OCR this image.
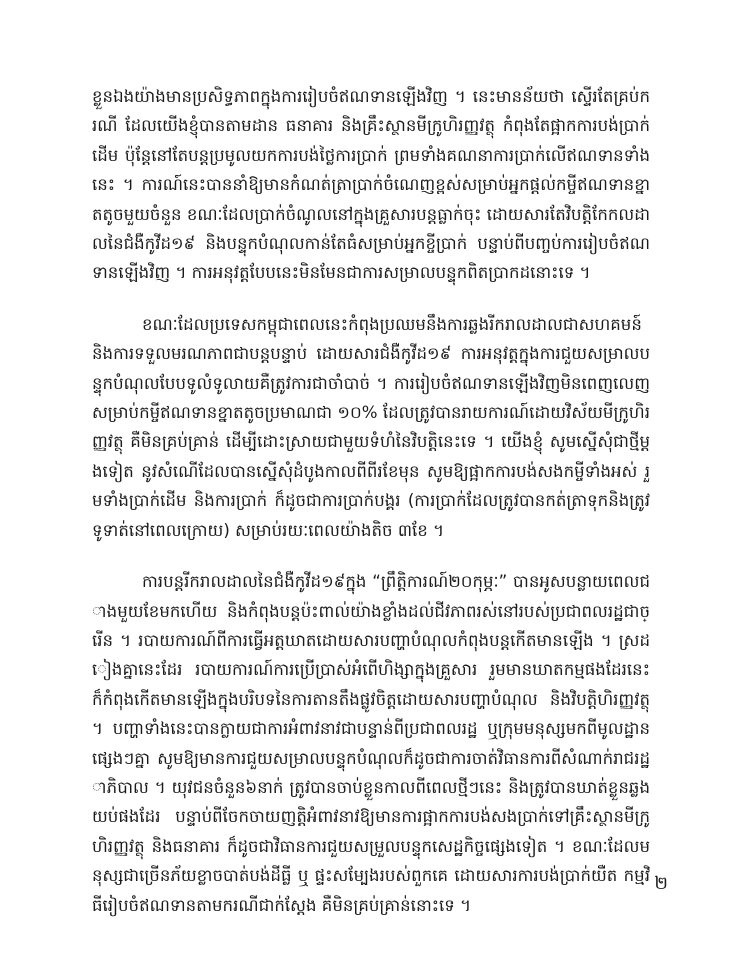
ខ្លួនឯងយ៉ាងមានប្រសិទ្ធភាពក្នុងការរៀបចំឥណទានឡើងវិញ ។ នេះមានន័យថា ស្ទើរតែគ្រប់ករណី ដែលយើងខ្ញុំបានតាមដាន ធនាគារ និងគ្រឹះស្ថានមីក្រូហិរញ្ញវត្ថុ កំពុងតែផ្អាកការបង់ប្រាក់ដើម ប៉ុន្តែនៅតែបន្តប្រមូលយកការបង់ថ្លៃការប្រាក់ ព្រមទាំងគណនាការប្រាក់លើឥណទានទាំងនេះ ។ ការណ៍នេះបាននាំឱ្យមានកំណត់ត្រាប្រាក់ចំណេញខ្ពស់សម្រាប់អ្នកផ្តល់កម្ចីឥណទានខ្នាតតូចមួយចំនួន ខណៈដែលប្រាក់ចំណូលនៅក្នុងគ្រួសារបន្តធ្លាក់ចុះ ដោយសារតែវិបត្តិកែកលដាលនៃជំងឺកូវីដ១៩ និងបន្ទុកបំណុលកាន់តែធំសម្រាប់អ្នកខ្ចីប្រាក់ បន្ទាប់ពីបញ្ចប់ការរៀបចំឥណទានឡើងវិញ ។ ការអនុវត្តបែបនេះមិនមែនជាការសម្រាលបន្ទុកពិតប្រាកដនោះទេ ។

ខណៈដែលប្រទេសកម្ពុជាពេលនេះកំពុងប្រឈមនឹងការឆ្លងរីករាលដាលជាសហគមន៍ និងការទទួលមរណភាពជាបន្តបន្ទាប់ ដោយសារជំងឺកូវីដ១៩ ការអនុវត្តក្នុងការជួយសម្រាលបន្ទុកបំណុលបែបទូលំទូលាយគឺត្រូវការជាចាំបាច់ ។ ការរៀបចំឥណទានឡើងវិញមិនពេញលេញសម្រាប់កម្ចីឥណទានខ្នាតតូចប្រមាណជា ១០% ដែលត្រូវបានរាយការណ៍ដោយវិស័យមីក្រូហិរញ្ញវត្ថុ គឺមិនគ្រប់គ្រាន់ ដើម្បីដោះស្រាយជាមួយទំហំនៃវិបត្តិនេះទេ ។ យើងខ្ញុំ សូមស្នើសុំជាថ្មីម្តងទៀត នូវសំណើដែលបានស្នើសុំដំបូងកាលពីពីរខែមុន សូមឱ្យផ្អាកការបង់សងកម្ចីទាំងអស់ រួមទាំងប្រាក់ដើម និងការប្រាក់ ក៏ដូចជាការប្រាក់បង្គរ (ការប្រាក់ដែលត្រូវបានកត់ត្រាទុកនិងត្រូវទូទាត់នៅពេលក្រោយ) សម្រាប់រយៈពេលយ៉ាងតិច ៣ខែ ។

ការបន្តរីករាលដាលនៃជំងឺកូវីដ១៩ក្នុង “ព្រឹត្តិការណ៍២០កុម្ភៈ” បានអូសបន្លាយពេលជាងមួយខែមកហើយ និងកំពុងបន្តប៉ះពាល់យ៉ាងខ្លាំងដល់ជីវភាពរស់នៅរបស់ប្រជាពលរដ្ឋជាច្រើន ។ របាយការណ៍ពីការធ្វើអត្តឃាតដោយសារបញ្ហាបំណុលកំពុងបន្តកើតមានឡើង ។ ស្រដៀងគ្នានេះដែរ របាយការណ៍ការប្រើប្រាស់អំពើហិង្សាក្នុងគ្រួសារ រួមមានឃាតកម្មផងដែរនេះ ក៏កំពុងកើតមានឡើងក្នុងបរិបទនៃការតានតឹងផ្លូវចិត្តដោយសារបញ្ហាបំណុល និងវិបត្តិហិរញ្ញវត្ថុ ។ បញ្ហាទាំងនេះបានក្លាយជាការអំពាវនាវជាបន្ទាន់ពីប្រជាពលរដ្ឋ ឬក្រុមមនុស្សមកពីមូលដ្ឋានផ្សេងៗគ្នា សូមឱ្យមានការជួយសម្រាលបន្ទុកបំណុលក៏ដូចជាការចាត់វិធានការពីសំណាក់រាជរដ្ឋាភិបាល ។ យុវជនចំនួន៦នាក់ ត្រូវបានចាប់ខ្លួនកាលពីពេលថ្មីៗនេះ និងត្រូវបានឃាត់ខ្លួនឆ្លងយប់ផងដែរ បន្ទាប់ពីចែកចាយញត្តិអំពាវនាវឱ្យមានការផ្អាកការបង់សងប្រាក់ទៅគ្រឹះស្ថានមីក្រូហិរញ្ញវត្ថុ និងធនាគារ ក៏ដូចជាវិធានការជួយសម្រួលបន្ទុកសេដ្ឋកិច្ចផ្សេងទៀត ។ ខណៈដែលមនុស្សជាច្រើនភ័យខ្លាចបាត់បង់ដីធ្លី ឬ ផ្ទះសម្បែងរបស់ពួកគេ ដោយសារការបង់ប្រាក់យឺត កម្មវិធីរៀបចំឥណទានតាមករណីជាក់ស្តែង គឺមិនគ្រប់គ្រាន់នោះទេ ។

២
